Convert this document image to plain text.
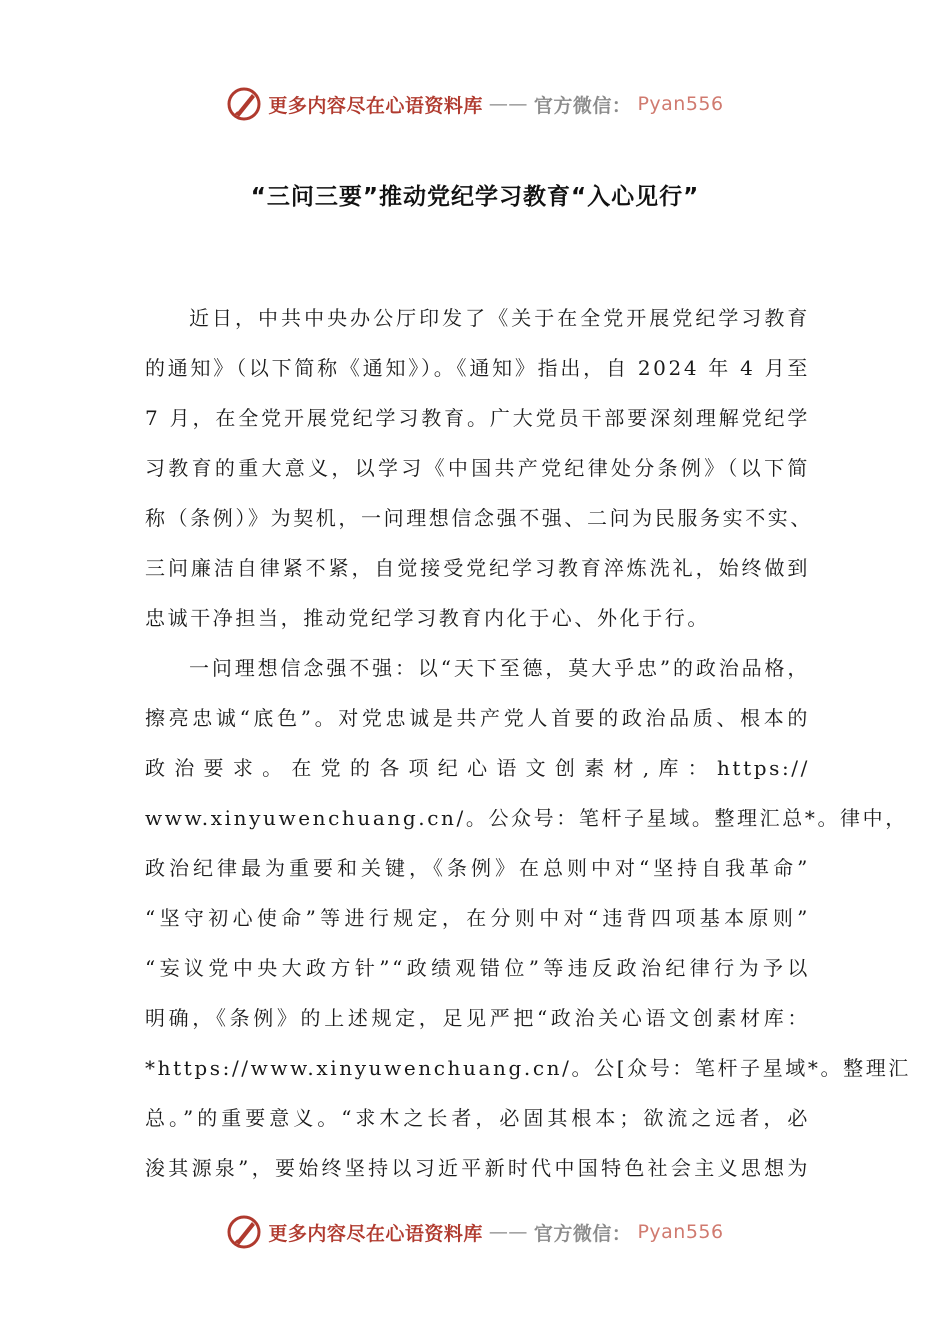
更多内容尽在心语资料库 —— 官方微信： Pyan556
“三问三要”推动党纪学习教育“入心见行”
近日，中共中央办公厅印发了《关于在全党开展党纪学习教育
的通知》（以下简称《通知》）。《通知》指出，自 2024 年 4 月至
7 月，在全党开展党纪学习教育。广大党员干部要深刻理解党纪学
习教育的重大意义，以学习《中国共产党纪律处分条例》（以下简
称（条例）》为契机，一问理想信念强不强、二问为民服务实不实、
三问廉洁自律紧不紧，自觉接受党纪学习教育淬炼洗礼，始终做到
忠诚干净担当，推动党纪学习教育内化于心、外化于行。
一问理想信念强不强：以“天下至德，莫大乎忠”的政治品格，
擦亮忠诚“底色”。对党忠诚是共产党人首要的政治品质、根本的
政治要求。在党的各项纪心语文创素材,库：https://
www.xinyuwenchuang.cn/。公众号：笔杆子星域。整理汇总*。律中，
政治纪律最为重要和关键，《条例》在总则中对“坚持自我革命”
“坚守初心使命”等进行规定，在分则中对“违背四项基本原则”
“妄议党中央大政方针”“政绩观错位”等违反政治纪律行为予以
明确，《条例》的上述规定，足见严把“政治关心语文创素材库：
*https://www.xinyuwenchuang.cn/。公[众号：笔杆子星域*。整理汇
总。”的重要意义。“求木之长者，必固其根本；欲流之远者，必
浚其源泉”，要始终坚持以习近平新时代中国特色社会主义思想为
更多内容尽在心语资料库 —— 官方微信： Pyan556
